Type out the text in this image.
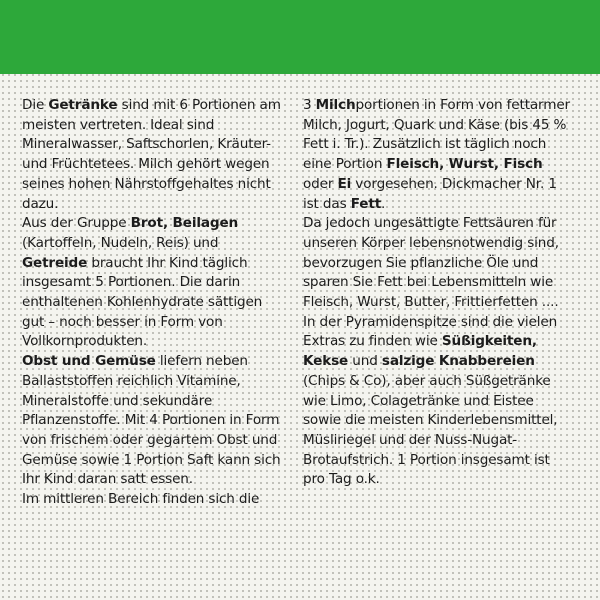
Die Getränke sind mit 6 Portionen am meisten vertreten. Ideal sind Mineralwasser, Saftschorlen, Kräuter- und Früchtetees. Milch gehört wegen seines hohen Nährstoffgehaltes nicht dazu.

Aus der Gruppe Brot, Beilagen (Kartoffeln, Nudeln, Reis) und Getreide braucht Ihr Kind täglich insgesamt 5 Portionen. Die darin enthaltenen Kohlenhydrate sättigen gut – noch besser in Form von Vollkornprodukten.

Obst und Gemüse liefern neben Ballaststoffen reichlich Vitamine, Mineralstoffe und sekundäre Pflanzenstoffe. Mit 4 Portionen in Form von frischem oder gegartem Obst und Gemüse sowie 1 Portion Saft kann sich Ihr Kind daran satt essen.

Im mittleren Bereich finden sich die

3 Milchportionen in Form von fettarmer Milch, Jogurt, Quark und Käse (bis 45 % Fett i. Tr.). Zusätzlich ist täglich noch eine Portion Fleisch, Wurst, Fisch oder Ei vorgesehen. Dickmacher Nr. 1 ist das Fett.

Da jedoch ungesättigte Fettsäuren für unseren Körper lebensnotwendig sind, bevorzugen Sie pflanzliche Öle und sparen Sie Fett bei Lebensmitteln wie Fleisch, Wurst, Butter, Frittierfetten ....

In der Pyramidenspitze sind die vielen Extras zu finden wie Süßigkeiten, Kekse und salzige Knabbereien (Chips & Co), aber auch Süßgetränke wie Limo, Colagetränke und Eistee sowie die meisten Kinderlebensmittel, Müsliriegel und der Nuss-Nugat-Brotaufstrich. 1 Portion insgesamt ist pro Tag o.k.
